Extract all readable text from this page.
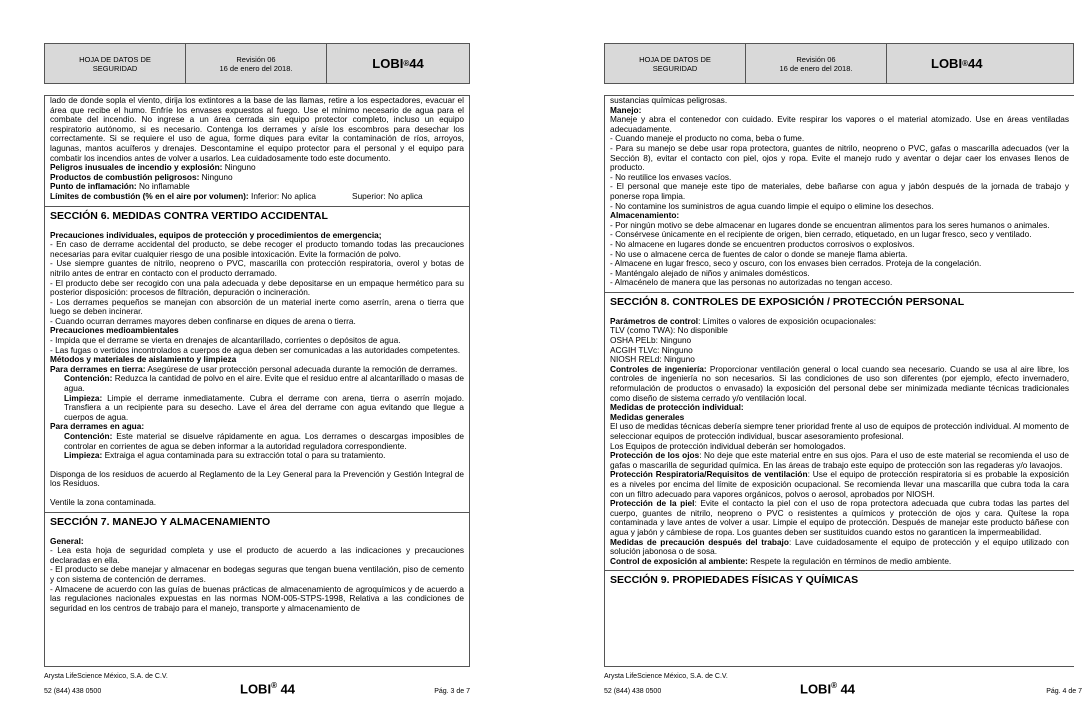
HOJA DE DATOS DE
SEGURIDAD
Revisión 06
16 de enero del 2018.	LOBI ® 44

lado de donde sopla el viento, dirija los extintores a la base de las llamas, retire a los espectadores, evacuar el área que recibe el humo. Enfríe los envases expuestos al fuego. Use el mínimo necesario de agua para el combate del incendio. No ingrese a un área cerrada sin equipo protector completo, incluso un equipo respiratorio autónomo, si es necesario. Contenga los derrames y aísle los escombros para desechar los correctamente. Si se requiere el uso de agua, forme diques para evitar la contaminación de ríos, arroyos, lagunas, mantos acuíferos y drenajes. Descontamine el equipo protector para el personal y el equipo para combatir los incendios antes de volver a usarlos. Lea cuidadosamente todo este documento.

Peligros inusuales de incendio y explosión: Ninguno

Productos de combustión peligrosos: Ninguno

Punto de inflamación: No inflamable

Límites de combustión (% en el aire por volumen): Inferior: No aplica	Superior: No aplica

SECCIÓN 6. MEDIDAS CONTRA VERTIDO ACCIDENTAL

Precauciones individuales, equipos de protección y procedimientos de emergencia;

- En caso de derrame accidental del producto, se debe recoger el producto tomando todas las precauciones necesarias para evitar cualquier riesgo de una posible intoxicación. Evite la formación de polvo.

- Use siempre guantes de nitrilo, neopreno o PVC, mascarilla con protección respiratoria, overol y botas de nitrilo antes de entrar en contacto con el producto derramado.

- El producto debe ser recogido con una pala adecuada y debe depositarse en un empaque hermético para su posterior disposición: procesos de filtración, depuración o incineración.

- Los derrames pequeños se manejan con absorción de un material inerte como aserrín, arena o tierra que luego se deben incinerar.

- Cuando ocurran derrames mayores deben confinarse en diques de arena o tierra.

Precauciones medioambientales

- Impida que el derrame se vierta en drenajes de alcantarillado, corrientes o depósitos de agua.

- Las fugas o vertidos incontrolados a cuerpos de agua deben ser comunicadas a las autoridades competentes.

Métodos y materiales de aislamiento y limpieza

Para derrames en tierra: Asegúrese de usar protección personal adecuada durante la remoción de derrames.

Contención: Reduzca la cantidad de polvo en el aire. Evite que el residuo entre al alcantarillado o masas de agua.

Limpieza: Limpie el derrame inmediatamente. Cubra el derrame con arena, tierra o aserrín mojado. Transfiera a un recipiente para su desecho. Lave el área del derrame con agua evitando que llegue a cuerpos de agua.

Para derrames en agua:

Contención: Este material se disuelve rápidamente en agua. Los derrames o descargas imposibles de controlar en corrientes de agua se deben informar a la autoridad reguladora correspondiente.

Limpieza: Extraiga el agua contaminada para su extracción total o para su tratamiento.

Disponga de los residuos de acuerdo al Reglamento de la Ley General para la Prevención y Gestión Integral de los Residuos.

Ventile la zona contaminada.

SECCIÓN 7. MANEJO Y ALMACENAMIENTO

General:

- Lea esta hoja de seguridad completa y use el producto de acuerdo a las indicaciones y precauciones declaradas en ella.

- El producto se debe manejar y almacenar en bodegas seguras que tengan buena ventilación, piso de cemento y con sistema de contención de derrames.

- Almacene de acuerdo con las guías de buenas prácticas de almacenamiento de agroquímicos y de acuerdo a las regulaciones nacionales expuestas en las normas NOM-005-STPS-1998, Relativa a las condiciones de seguridad en los centros de trabajo para el manejo, transporte y almacenamiento de

Arysta LifeScience México, S.A. de C.V.
52 (844) 438 0500	LOBI® 44	Pág. 3 de 7
HOJA DE DATOS DE
SEGURIDAD
Revisión 06
16 de enero del 2018.	LOBI ® 44

sustancias químicas peligrosas.

Manejo:

Maneje y abra el contenedor con cuidado. Evite respirar los vapores o el material atomizado. Use en áreas ventiladas adecuadamente.

- Cuando maneje el producto no coma, beba o fume.

- Para su manejo se debe usar ropa protectora, guantes de nitrilo, neopreno o PVC, gafas o mascarilla adecuados (ver la Sección 8), evitar el contacto con piel, ojos y ropa. Evite el manejo rudo y aventar o dejar caer los envases llenos de producto.

- No reutilice los envases vacíos.

- El personal que maneje este tipo de materiales, debe bañarse con agua y jabón después de la jornada de trabajo y ponerse ropa limpia.

- No contamine los suministros de agua cuando limpie el equipo o elimine los desechos.

Almacenamiento:

- Por ningún motivo se debe almacenar en lugares donde se encuentran alimentos para los seres humanos o animales.

- Consérvese únicamente en el recipiente de origen, bien cerrado, etiquetado, en un lugar fresco, seco y ventilado.

- No almacene en lugares donde se encuentren productos corrosivos o explosivos.

- No use o almacene cerca de fuentes de calor o donde se maneje flama abierta.

- Almacene en lugar fresco, seco y oscuro, con los envases bien cerrados. Proteja de la congelación.

- Manténgalo alejado de niños y animales domésticos.

- Almacénelo de manera que las personas no autorizadas no tengan acceso.

SECCIÓN 8. CONTROLES DE EXPOSICIÓN / PROTECCIÓN PERSONAL

Parámetros de control: Límites o valores de exposición ocupacionales:

TLV (como TWA): No disponible

OSHA PELb: Ninguno

ACGIH TLVc: Ninguno

NIOSH RELd: Ninguno

Controles de ingeniería: Proporcionar ventilación general o local cuando sea necesario. Cuando se usa al aire libre, los controles de ingeniería no son necesarios. Si las condiciones de uso son diferentes (por ejemplo, efecto invernadero, reformulación de productos o envasado) la exposición del personal debe ser minimizada mediante técnicas tradicionales como diseño de sistema cerrado y/o ventilación local.

Medidas de protección individual:

Medidas generales

El uso de medidas técnicas debería siempre tener prioridad frente al uso de equipos de protección individual. Al momento de seleccionar equipos de protección individual, buscar asesoramiento profesional.

Los Equipos de protección individual deberán ser homologados.

Protección de los ojos: No deje que este material entre en sus ojos. Para el uso de este material se recomienda el uso de gafas o mascarilla de seguridad química. En las áreas de trabajo este equipo de protección son las regaderas y/o lavaojos.

Protección Respiratoria/Requisitos de ventilación: Use el equipo de protección respiratoria si es probable la exposición es a niveles por encima del límite de exposición ocupacional. Se recomienda llevar una mascarilla que cubra toda la cara con un filtro adecuado para vapores orgánicos, polvos o aerosol, aprobados por NIOSH.

Protección de la piel: Evite el contacto la piel con el uso de ropa protectora adecuada que cubra todas las partes del cuerpo, guantes de nitrilo, neopreno o PVC o resistentes a químicos y protección de ojos y cara. Quítese la ropa contaminada y lave antes de volver a usar. Limpie el equipo de protección. Después de manejar este producto báñese con agua y jabón y cámbiese de ropa. Los guantes deben ser sustituidos cuando estos no garanticen la impermeabilidad.

Medidas de precaución después del trabajo: Lave cuidadosamente el equipo de protección y el equipo utilizado con solución jabonosa o de sosa.

Control de exposición al ambiente: Respete la regulación en términos de medio ambiente.

SECCIÓN 9. PROPIEDADES FÍSICAS Y QUÍMICAS
Arysta LifeScience México, S.A. de C.V.
52 (844) 438 0500	LOBI® 44	Pág. 4 de 7
